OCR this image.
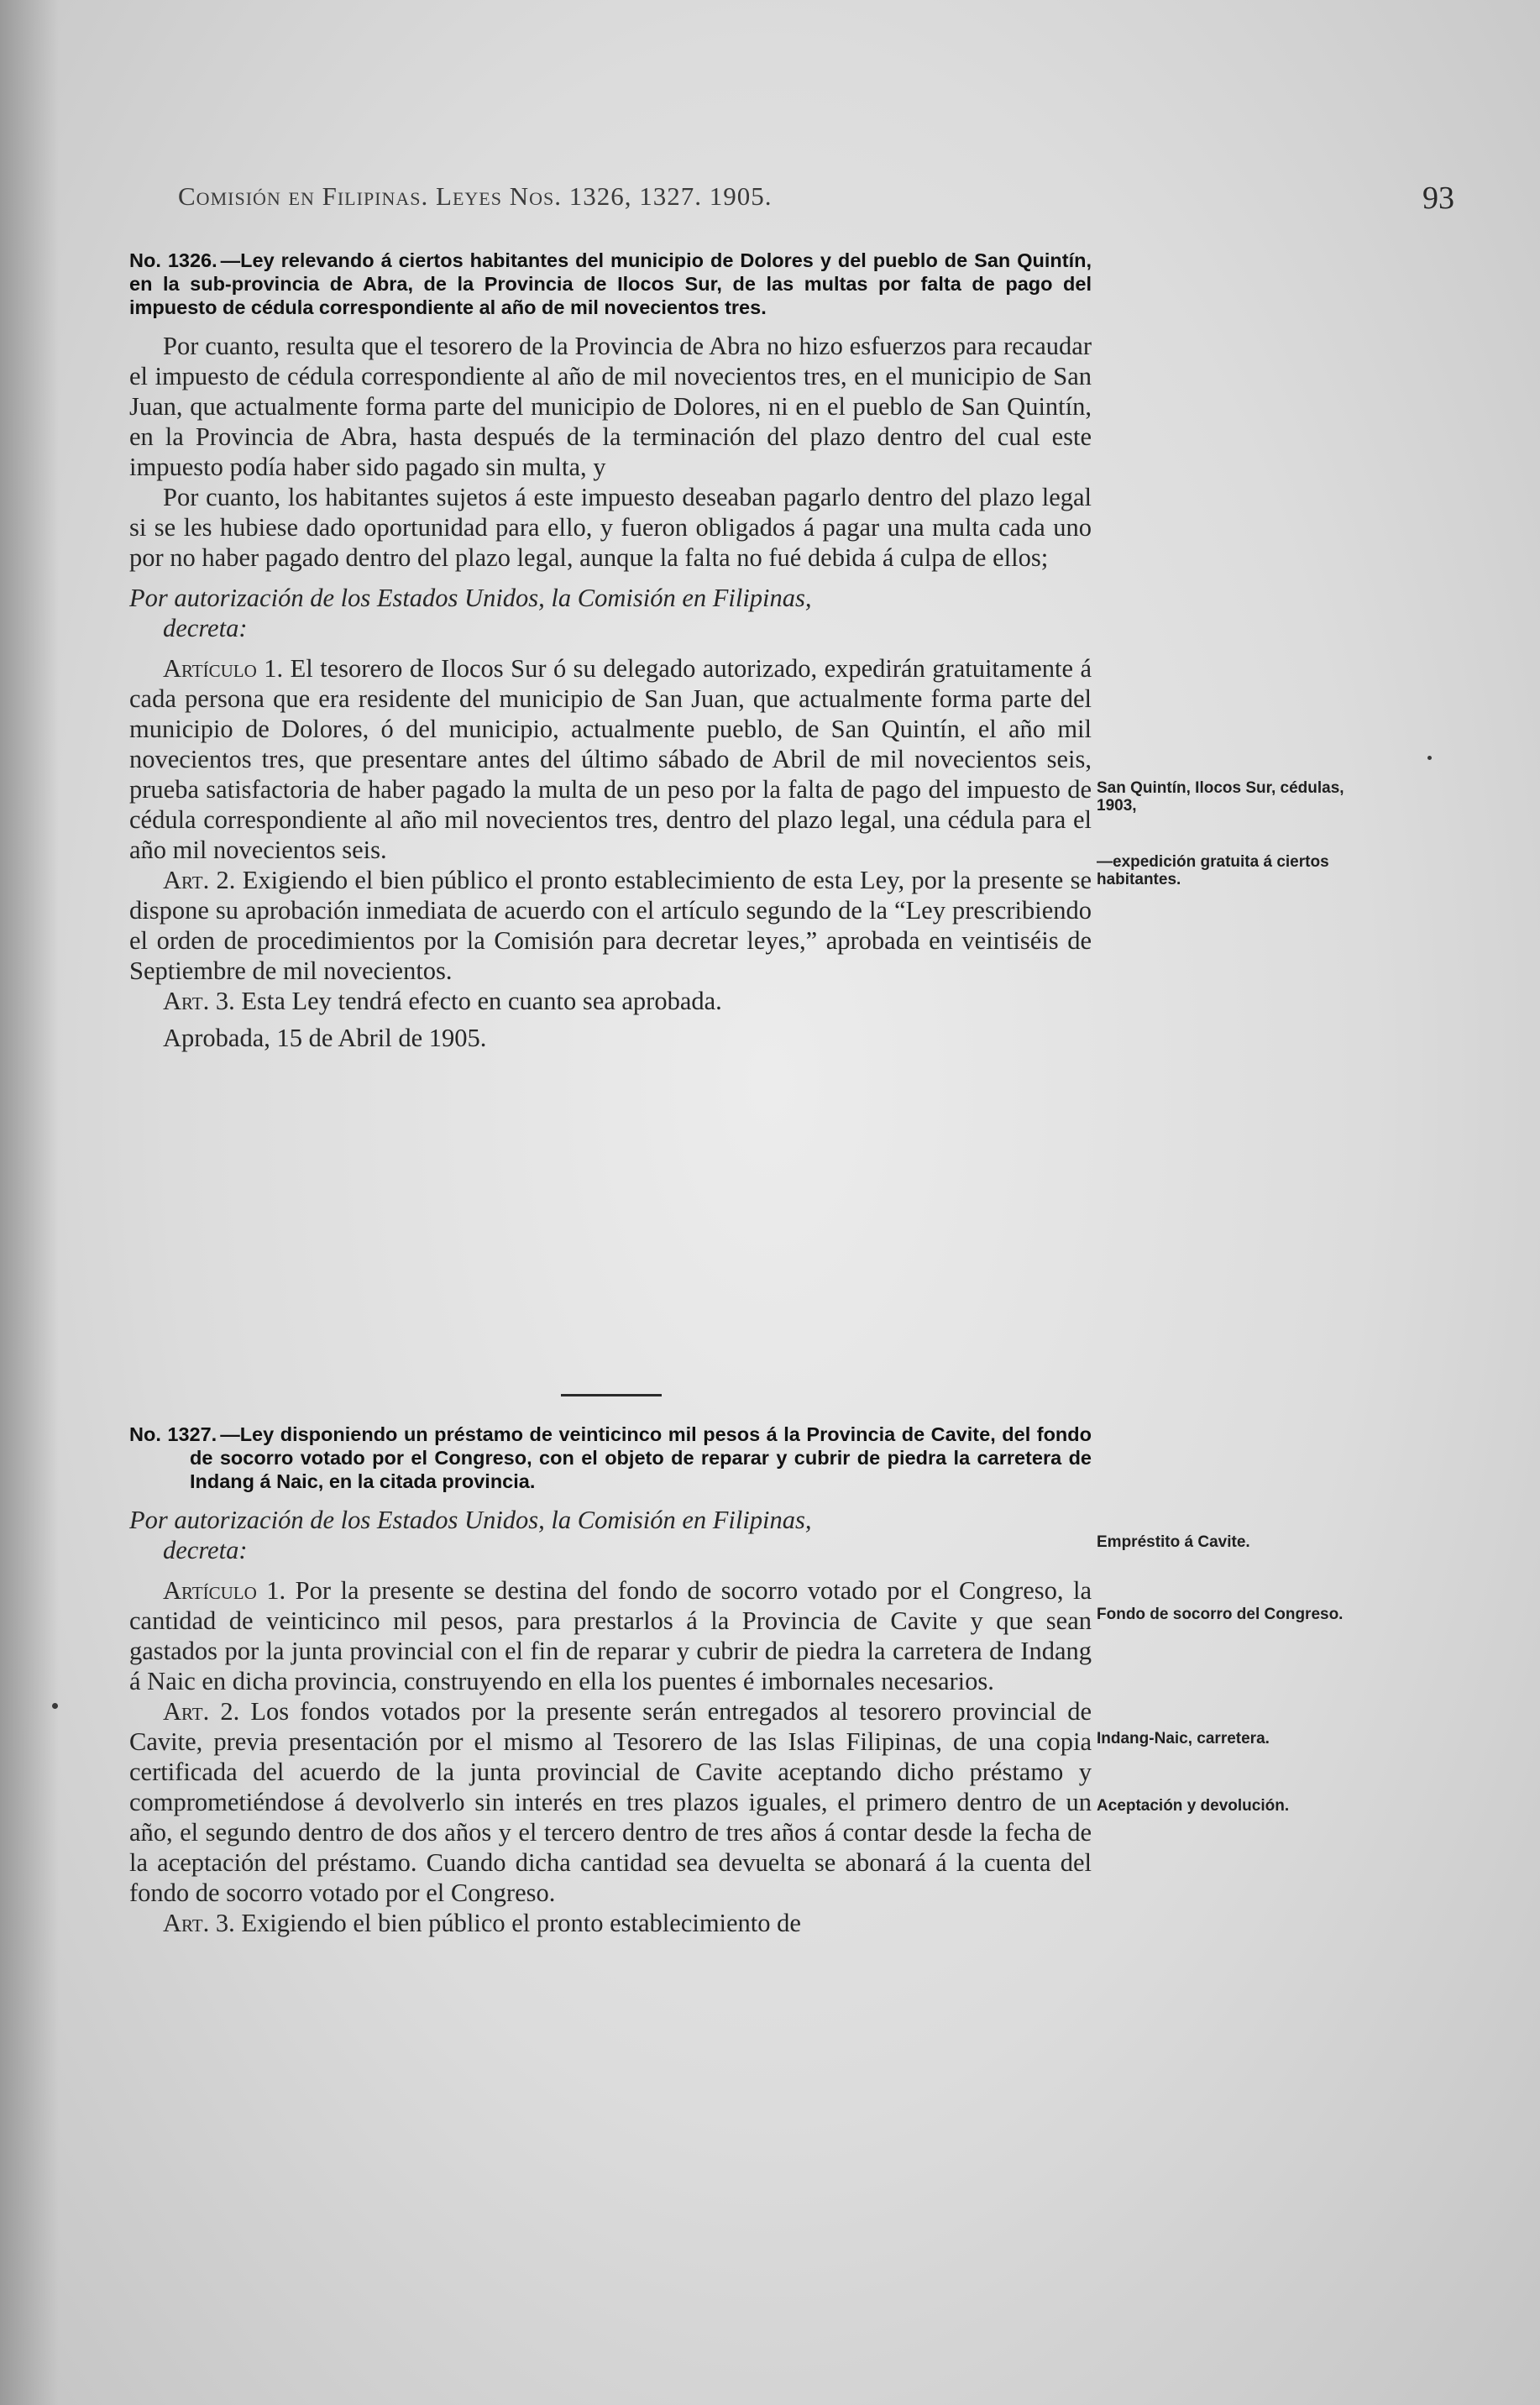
Comisión en Filipinas. Leyes Nos. 1326, 1327. 1905.	93

No. 1326. —Ley relevando á ciertos habitantes del municipio de Dolores y del pueblo de San Quintín, en la sub-provincia de Abra, de la Provincia de Ilocos Sur, de las multas por falta de pago del impuesto de cédula correspondiente al año de mil novecientos tres.

Por cuanto, resulta que el tesorero de la Provincia de Abra no hizo esfuerzos para recaudar el impuesto de cédula correspondiente al año de mil novecientos tres, en el municipio de San Juan, que actualmente forma parte del municipio de Dolores, ni en el pueblo de San Quintín, en la Provincia de Abra, hasta después de la terminación del plazo dentro del cual este impuesto podía haber sido pagado sin multa, y

Por cuanto, los habitantes sujetos á este impuesto deseaban pagarlo dentro del plazo legal si se les hubiese dado oportunidad para ello, y fueron obligados á pagar una multa cada uno por no haber pagado dentro del plazo legal, aunque la falta no fué debida á culpa de ellos;

Por autorización de los Estados Unidos, la Comisión en Filipinas,
decreta:

Artículo 1. El tesorero de Ilocos Sur ó su delegado autorizado, expedirán gratuitamente á cada persona que era residente del municipio de San Juan, que actualmente forma parte del municipio de Dolores, ó del municipio, actualmente pueblo, de San Quintín, el año mil novecientos tres, que presentare antes del último sábado de Abril de mil novecientos seis, prueba satisfactoria de haber pagado la multa de un peso por la falta de pago del impuesto de cédula correspondiente al año mil novecientos tres, dentro del plazo legal, una cédula para el año mil novecientos seis.

Art. 2. Exigiendo el bien público el pronto establecimiento de esta Ley, por la presente se dispone su aprobación inmediata de acuerdo con el artículo segundo de la “Ley prescribiendo el orden de procedimientos por la Comisión para decretar leyes,” aprobada en veintiséis de Septiembre de mil novecientos.

Art. 3. Esta Ley tendrá efecto en cuanto sea aprobada.

Aprobada, 15 de Abril de 1905.

San Quintín, Ilocos Sur, cédulas, 1903,
—expedición gratuita á ciertos habitantes.

No. 1327. —Ley disponiendo un préstamo de veinticinco mil pesos á la Provincia de Cavite, del fondo de socorro votado por el Congreso, con el objeto de reparar y cubrir de piedra la carretera de Indang á Naic, en la citada provincia.

Por autorización de los Estados Unidos, la Comisión en Filipinas,
decreta:

Artículo 1. Por la presente se destina del fondo de socorro votado por el Congreso, la cantidad de veinticinco mil pesos, para prestarlos á la Provincia de Cavite y que sean gastados por la junta provincial con el fin de reparar y cubrir de piedra la carretera de Indang á Naic en dicha provincia, construyendo en ella los puentes é imbornales necesarios.

Art. 2. Los fondos votados por la presente serán entregados al tesorero provincial de Cavite, previa presentación por el mismo al Tesorero de las Islas Filipinas, de una copia certificada del acuerdo de la junta provincial de Cavite aceptando dicho préstamo y comprometiéndose á devolverlo sin interés en tres plazos iguales, el primero dentro de un año, el segundo dentro de dos años y el tercero dentro de tres años á contar desde la fecha de la aceptación del préstamo. Cuando dicha cantidad sea devuelta se abonará á la cuenta del fondo de socorro votado por el Congreso.

Art. 3. Exigiendo el bien público el pronto establecimiento de

Empréstito á Cavite.
Fondo de socorro del Congreso.
Indang-Naic, carretera.
Aceptación y devolución.
